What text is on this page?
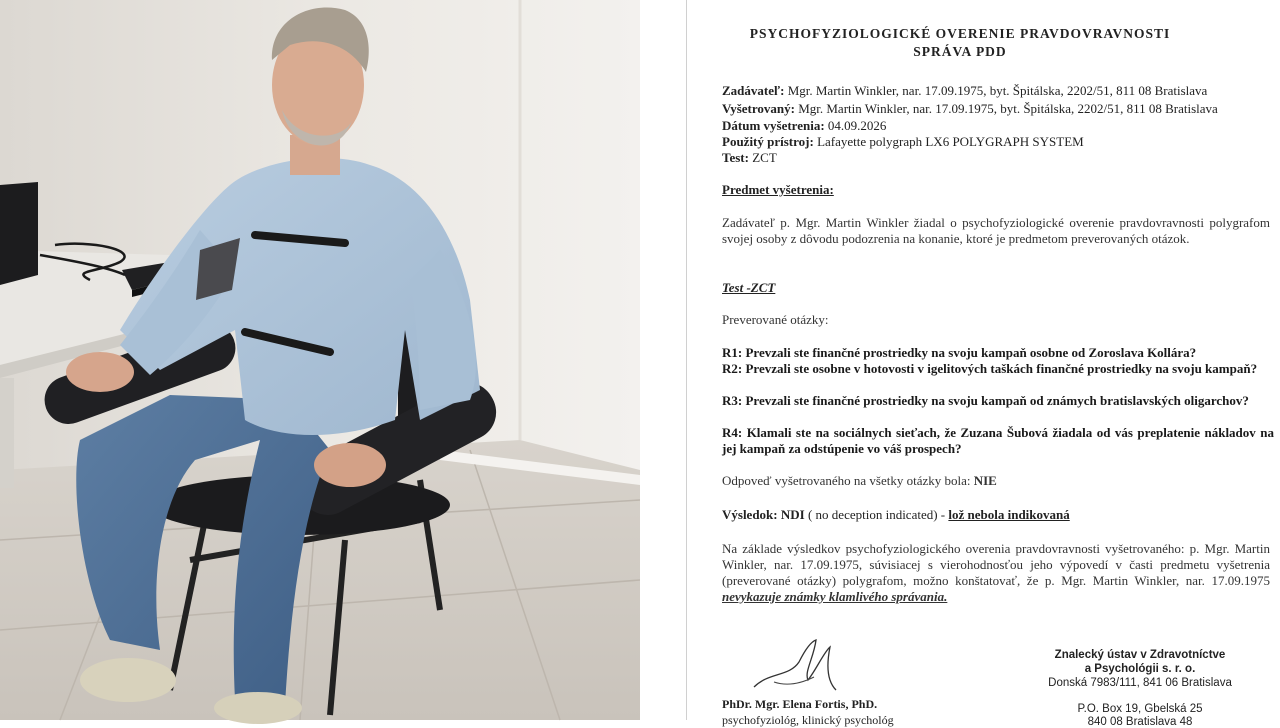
PSYCHOFYZIOLOGICKÉ OVERENIE PRAVDOVRAVNOSTI
SPRÁVA PDD
Zadávateľ: Mgr. Martin Winkler, nar. 17.09.1975, byt. Špitálska, 2202/51, 811 08 Bratislava
Vyšetrovaný: Mgr. Martin Winkler, nar. 17.09.1975, byt. Špitálska, 2202/51, 811 08 Bratislava
Dátum vyšetrenia: 04.09.2026
Použitý prístroj: Lafayette polygraph LX6 POLYGRAPH SYSTEM
Test: ZCT
Predmet vyšetrenia:
Zadávateľ p. Mgr. Martin Winkler žiadal o psychofyziologické overenie pravdovravnosti polygrafom svojej osoby z dôvodu podozrenia na konanie, ktoré je predmetom preverovaných otázok.
Test -ZCT
Preverované otázky:
R1: Prevzali ste finančné prostriedky na svoju kampaň osobne od Zoroslava Kollára?
R2: Prevzali ste osobne v hotovosti v igelitových taškách finančné prostriedky na svoju kampaň?
R3: Prevzali ste finančné prostriedky na svoju kampaň od známych bratislavských oligarchov?
R4: Klamali ste na sociálnych sieťach, že Zuzana Šubová žiadala od vás preplatenie nákladov na jej kampaň za odstúpenie vo váš prospech?
Odpoveď vyšetrovaného na všetky otázky bola: NIE
Výsledok: NDI ( no deception indicated) - lož nebola indikovaná
Na základe výsledkov psychofyziologického overenia pravdovravnosti vyšetrovaného: p. Mgr. Martin Winkler, nar. 17.09.1975, súvisiacej s vierohodnosťou jeho výpovedí v časti predmetu vyšetrenia (preverované otázky) polygrafom, možno konštatovať, že p. Mgr. Martin Winkler, nar. 17.09.1975 nevykazuje známky klamlivého správania.
PhDr. Mgr. Elena Fortis, PhD.
psychofyziológ, klinický psychológ
Znalecký ústav v Zdravotníctve
a Psychológii s. r. o.
Donská 7983/111, 841 06 Bratislava
P.O. Box 19, Gbelská 25
840 08 Bratislava 48
